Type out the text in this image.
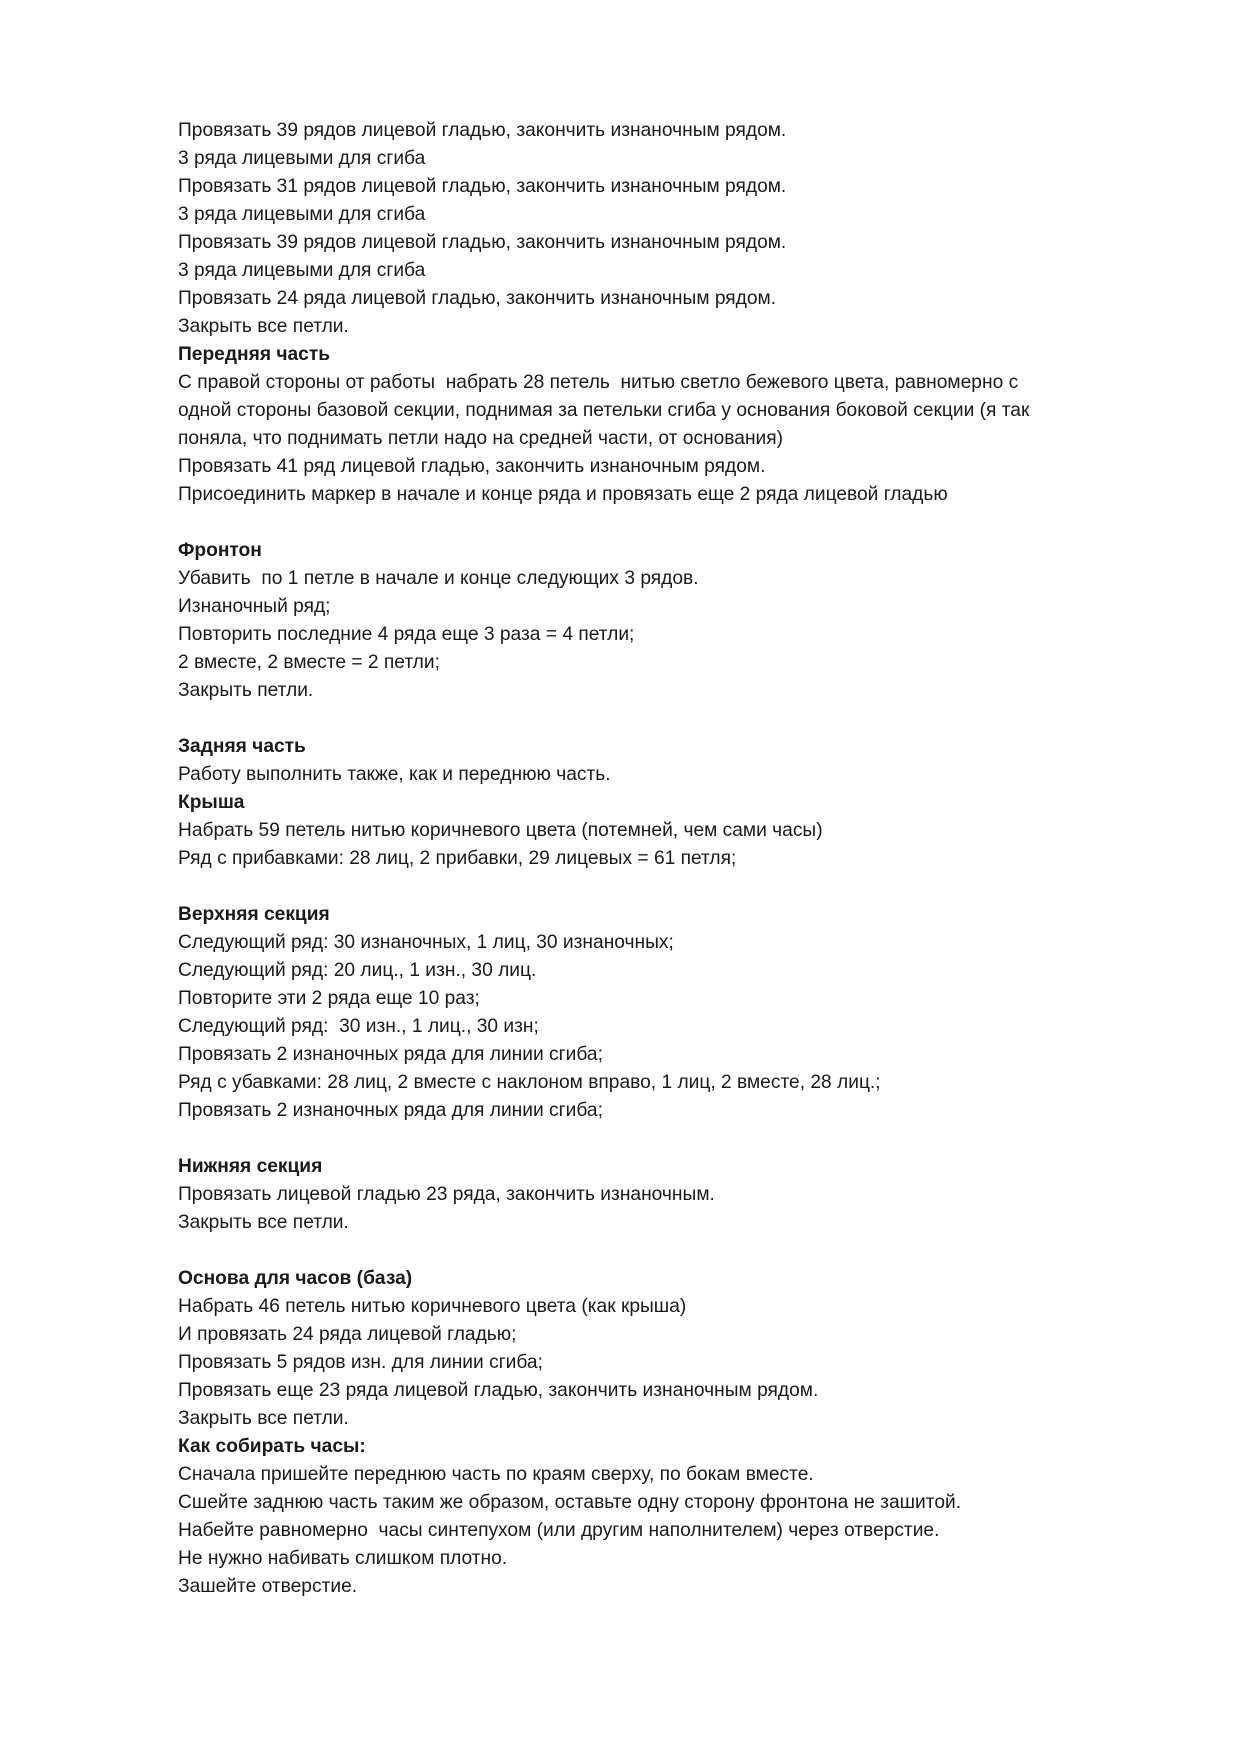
Провязать 39 рядов лицевой гладью, закончить изнаночным рядом.

3 ряда лицевыми для сгиба

Провязать 31 рядов лицевой гладью, закончить изнаночным рядом.

3 ряда лицевыми для сгиба

Провязать 39 рядов лицевой гладью, закончить изнаночным рядом.

3 ряда лицевыми для сгиба

Провязать 24 ряда лицевой гладью, закончить изнаночным рядом.

Закрыть все петли.

Передняя часть

С правой стороны от работы  набрать 28 петель  нитью светло бежевого цвета, равномерно с

одной стороны базовой секции, поднимая за петельки сгиба у основания боковой секции (я так

поняла, что поднимать петли надо на средней части, от основания)

Провязать 41 ряд лицевой гладью, закончить изнаночным рядом.

Присоединить маркер в начале и конце ряда и провязать еще 2 ряда лицевой гладью

Фронтон

Убавить  по 1 петле в начале и конце следующих 3 рядов.

Изнаночный ряд;

Повторить последние 4 ряда еще 3 раза = 4 петли;

2 вместе, 2 вместе = 2 петли;

Закрыть петли.

Задняя часть

Работу выполнить также, как и переднюю часть.

Крыша

Набрать 59 петель нитью коричневого цвета (потемней, чем сами часы)

Ряд с прибавками: 28 лиц, 2 прибавки, 29 лицевых = 61 петля;

Верхняя секция

Следующий ряд: 30 изнаночных, 1 лиц, 30 изнаночных;

Следующий ряд: 20 лиц., 1 изн., 30 лиц.

Повторите эти 2 ряда еще 10 раз;

Следующий ряд:  30 изн., 1 лиц., 30 изн;

Провязать 2 изнаночных ряда для линии сгиба;

Ряд с убавками: 28 лиц, 2 вместе с наклоном вправо, 1 лиц, 2 вместе, 28 лиц.;

Провязать 2 изнаночных ряда для линии сгиба;

Нижняя секция

Провязать лицевой гладью 23 ряда, закончить изнаночным.

Закрыть все петли.

Основа для часов (база)

Набрать 46 петель нитью коричневого цвета (как крыша)

И провязать 24 ряда лицевой гладью;

Провязать 5 рядов изн. для линии сгиба;

Провязать еще 23 ряда лицевой гладью, закончить изнаночным рядом.

Закрыть все петли.

Как собирать часы:

Сначала пришейте переднюю часть по краям сверху, по бокам вместе.

Сшейте заднюю часть таким же образом, оставьте одну сторону фронтона не зашитой.

Набейте равномерно  часы синтепухом (или другим наполнителем) через отверстие.

Не нужно набивать слишком плотно.

Зашейте отверстие.
